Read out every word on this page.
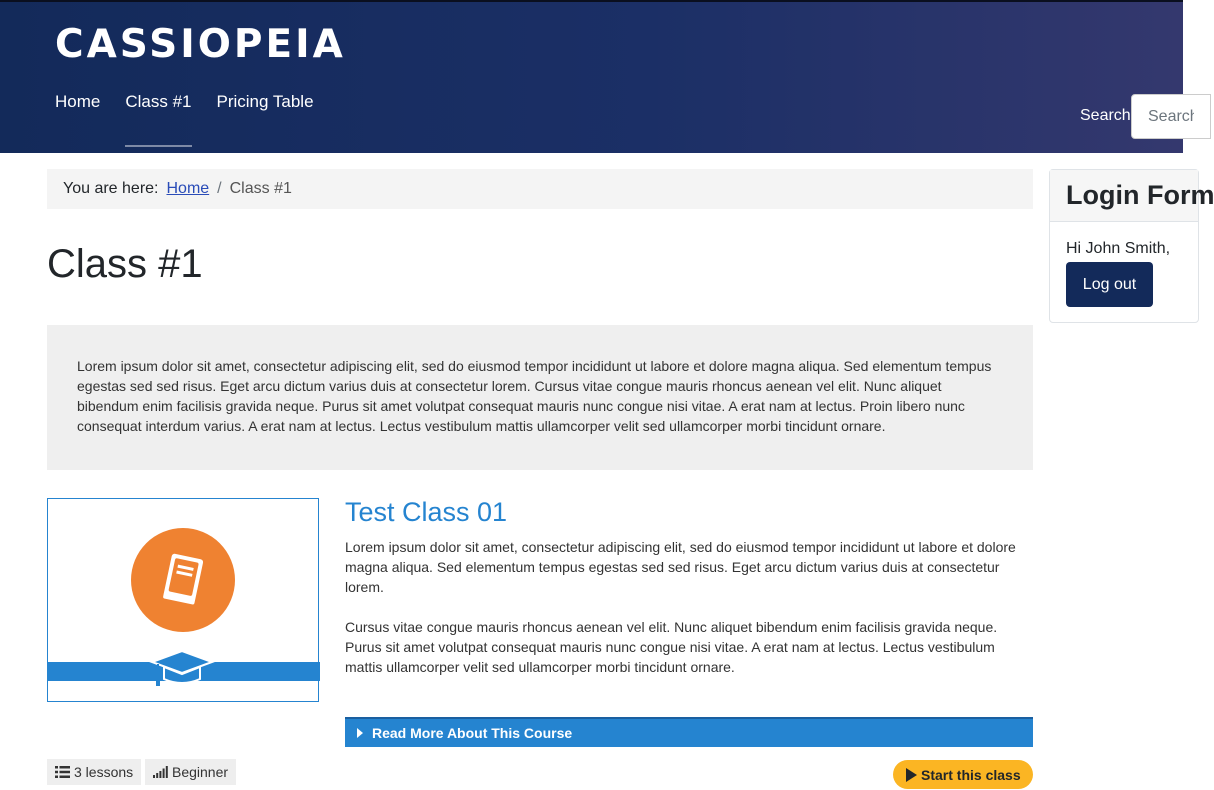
CASSIOPEIA
Home Class #1 Pricing Table
Search
Search ...
You are here: Home / Class #1
Class #1
Lorem ipsum dolor sit amet, consectetur adipiscing elit, sed do eiusmod tempor incididunt ut labore et dolore magna aliqua. Sed elementum tempus egestas sed sed risus. Eget arcu dictum varius duis at consectetur lorem. Cursus vitae congue mauris rhoncus aenean vel elit. Nunc aliquet bibendum enim facilisis gravida neque. Purus sit amet volutpat consequat mauris nunc congue nisi vitae. A erat nam at lectus. Proin libero nunc consequat interdum varius. A erat nam at lectus. Lectus vestibulum mattis ullamcorper velit sed ullamcorper morbi tincidunt ornare.
Test Class 01

Lorem ipsum dolor sit amet, consectetur adipiscing elit, sed do eiusmod tempor incididunt ut labore et dolore magna aliqua. Sed elementum tempus egestas sed sed risus. Eget arcu dictum varius duis at consectetur lorem.

Cursus vitae congue mauris rhoncus aenean vel elit. Nunc aliquet bibendum enim facilisis gravida neque. Purus sit amet volutpat consequat mauris nunc congue nisi vitae. A erat nam at lectus. Lectus vestibulum mattis ullamcorper velit sed ullamcorper morbi tincidunt ornare.

Read More About This Course
3 lessons	Beginner	Start this class
Login Form
Hi John Smith,
Log out
